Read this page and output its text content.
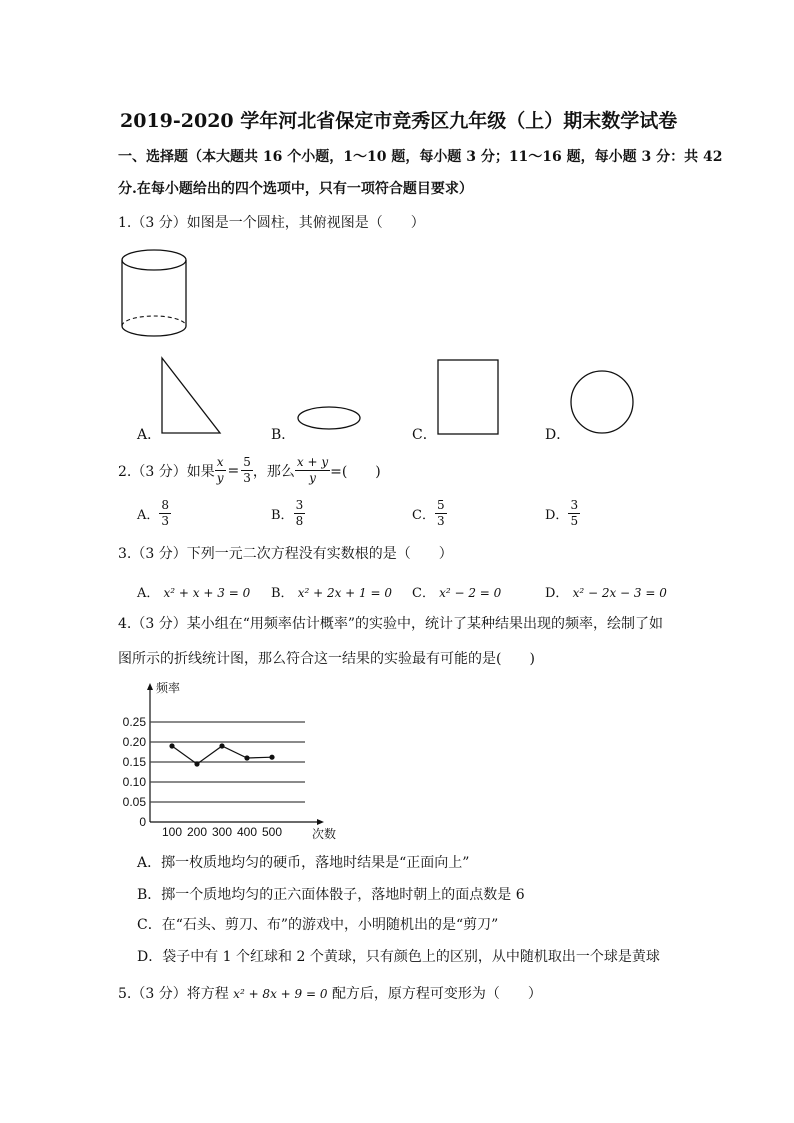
2019-2020 学年河北省保定市竞秀区九年级（上）期末数学试卷
一、选择题（本大题共 16 个小题，1～10 题，每小题 3 分；11～16 题，每小题 3 分：共 42
分.在每小题给出的四个选项中，只有一项符合题目要求）
1.（3 分）如图是一个圆柱，其俯视图是（　　）
A．	B．	C．	D．
2.（3 分）如果 $\frac{x}{y} = \frac{5}{3}$ ，那么 $\frac{x + y}{y}$ =(　　)
A． $\frac{8}{3}$	B． $\frac{3}{8}$	C． $\frac{5}{3}$	D． $\frac{3}{5}$
3.（3 分）下列一元二次方程没有实数根的是（　　）
A． x² + x + 3 = 0 B． x² + 2x + 1 = 0 C． x² − 2 = 0	D． x² − 2x − 3 = 0
4.（3 分）某小组在“用频率估计概率”的实验中，统计了某种结果出现的频率，绘制了如
图所示的折线统计图，那么符合这一结果的实验最有可能的是(　　)
0
0.05
0.10
0.15
0.20
0.25
100 200 300 400 500
频率
次数
A．掷一枚质地均匀的硬币，落地时结果是“正面向上”
B．掷一个质地均匀的正六面体骰子，落地时朝上的面点数是 6
C．在“石头、剪刀、布”的游戏中，小明随机出的是“剪刀”
D．袋子中有 1 个红球和 2 个黄球，只有颜色上的区别，从中随机取出一个球是黄球
5.（3 分）将方程 x² + 8x + 9 = 0 配方后，原方程可变形为（　　）
